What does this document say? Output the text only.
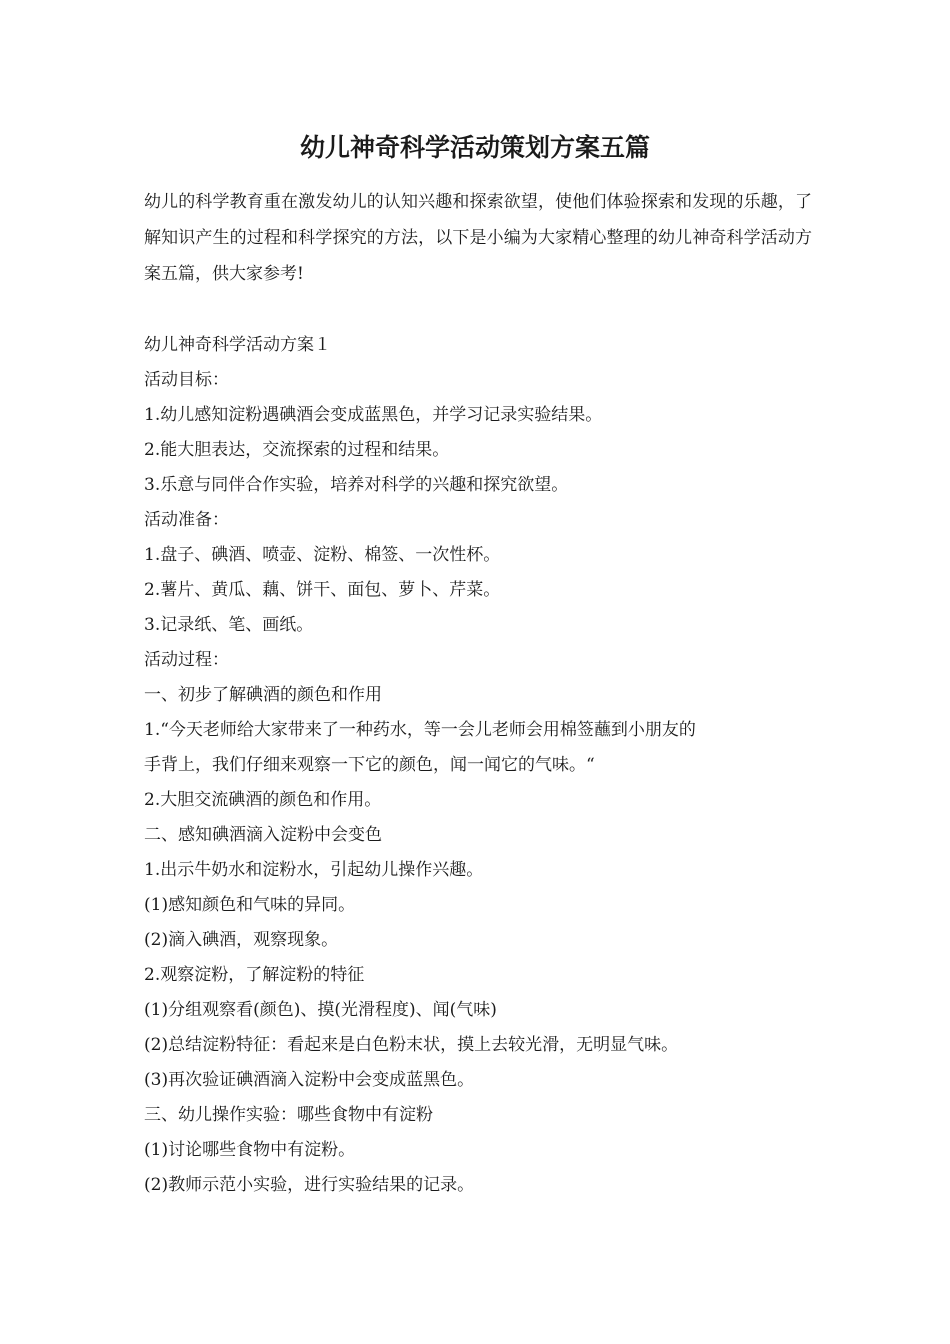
幼儿神奇科学活动策划方案五篇
幼儿的科学教育重在激发幼儿的认知兴趣和探索欲望，使他们体验探索和发现的乐趣，了解知识产生的过程和科学探究的方法，以下是小编为大家精心整理的幼儿神奇科学活动方案五篇，供大家参考!
幼儿神奇科学活动方案１
活动目标：
1.幼儿感知淀粉遇碘酒会变成蓝黑色，并学习记录实验结果。
2.能大胆表达，交流探索的过程和结果。
3.乐意与同伴合作实验，培养对科学的兴趣和探究欲望。
活动准备：
1.盘子、碘酒、喷壶、淀粉、棉签、一次性杯。
2.薯片、黄瓜、藕、饼干、面包、萝卜、芹菜。
3.记录纸、笔、画纸。
活动过程：
一、初步了解碘酒的颜色和作用
1.“今天老师给大家带来了一种药水，等一会儿老师会用棉签蘸到小朋友的
手背上，我们仔细来观察一下它的颜色，闻一闻它的气味。“
2.大胆交流碘酒的颜色和作用。
二、感知碘酒滴入淀粉中会变色
1.出示牛奶水和淀粉水，引起幼儿操作兴趣。
(1)感知颜色和气味的异同。
(2)滴入碘酒，观察现象。
2.观察淀粉，了解淀粉的特征
(1)分组观察看(颜色)、摸(光滑程度)、闻(气味)
(2)总结淀粉特征：看起来是白色粉末状，摸上去较光滑，无明显气味。
(3)再次验证碘酒滴入淀粉中会变成蓝黑色。
三、幼儿操作实验：哪些食物中有淀粉
(1)讨论哪些食物中有淀粉。
(2)教师示范小实验，进行实验结果的记录。
